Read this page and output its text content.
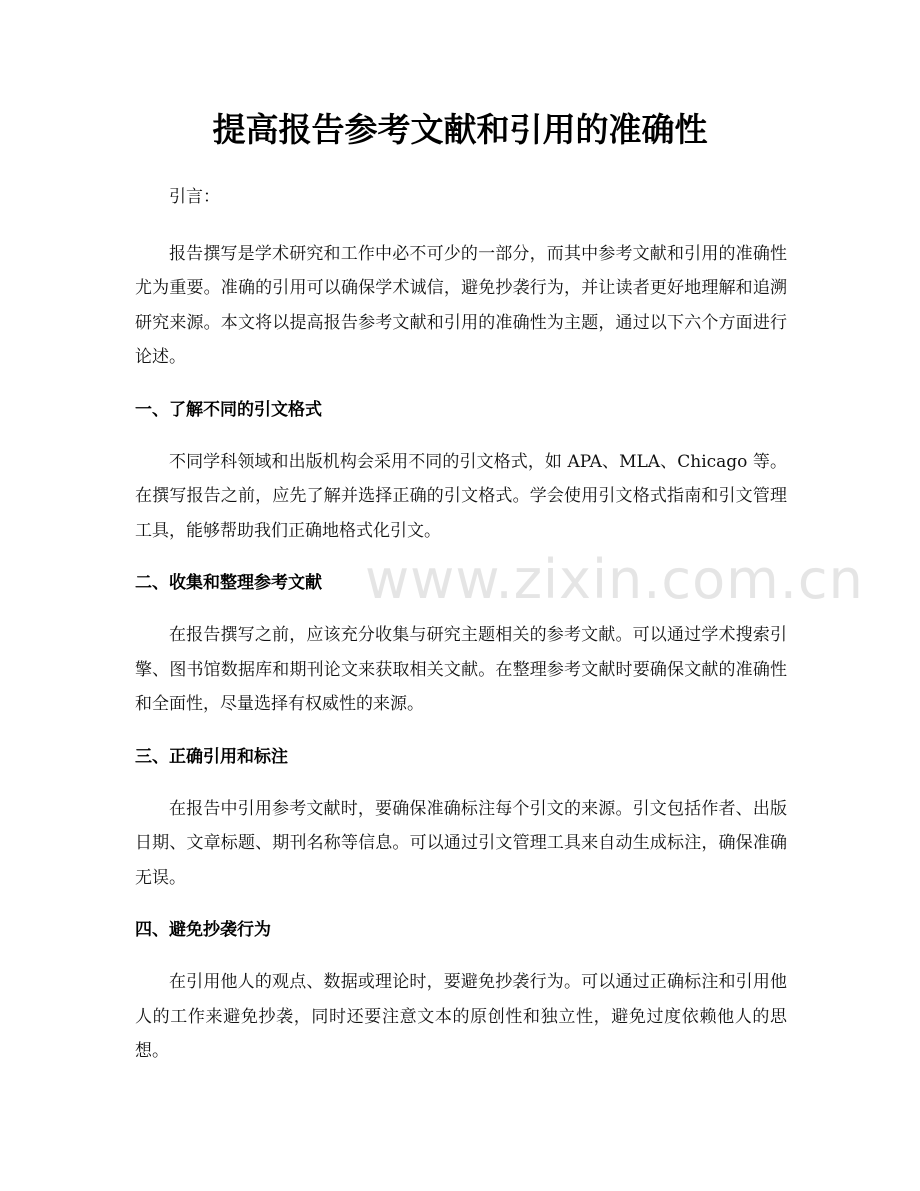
提高报告参考文献和引用的准确性

引言：

报告撰写是学术研究和工作中必不可少的一部分，而其中参考文献和引用的准确性尤为重要。准确的引用可以确保学术诚信，避免抄袭行为，并让读者更好地理解和追溯研究来源。本文将以提高报告参考文献和引用的准确性为主题，通过以下六个方面进行论述。

一、了解不同的引文格式

不同学科领域和出版机构会采用不同的引文格式，如 APA、MLA、Chicago 等。在撰写报告之前，应先了解并选择正确的引文格式。学会使用引文格式指南和引文管理工具，能够帮助我们正确地格式化引文。

二、收集和整理参考文献

在报告撰写之前，应该充分收集与研究主题相关的参考文献。可以通过学术搜索引擎、图书馆数据库和期刊论文来获取相关文献。在整理参考文献时要确保文献的准确性和全面性，尽量选择有权威性的来源。

三、正确引用和标注

在报告中引用参考文献时，要确保准确标注每个引文的来源。引文包括作者、出版日期、文章标题、期刊名称等信息。可以通过引文管理工具来自动生成标注，确保准确无误。

四、避免抄袭行为

在引用他人的观点、数据或理论时，要避免抄袭行为。可以通过正确标注和引用他人的工作来避免抄袭，同时还要注意文本的原创性和独立性，避免过度依赖他人的思想。

www.zixin.com.cn
